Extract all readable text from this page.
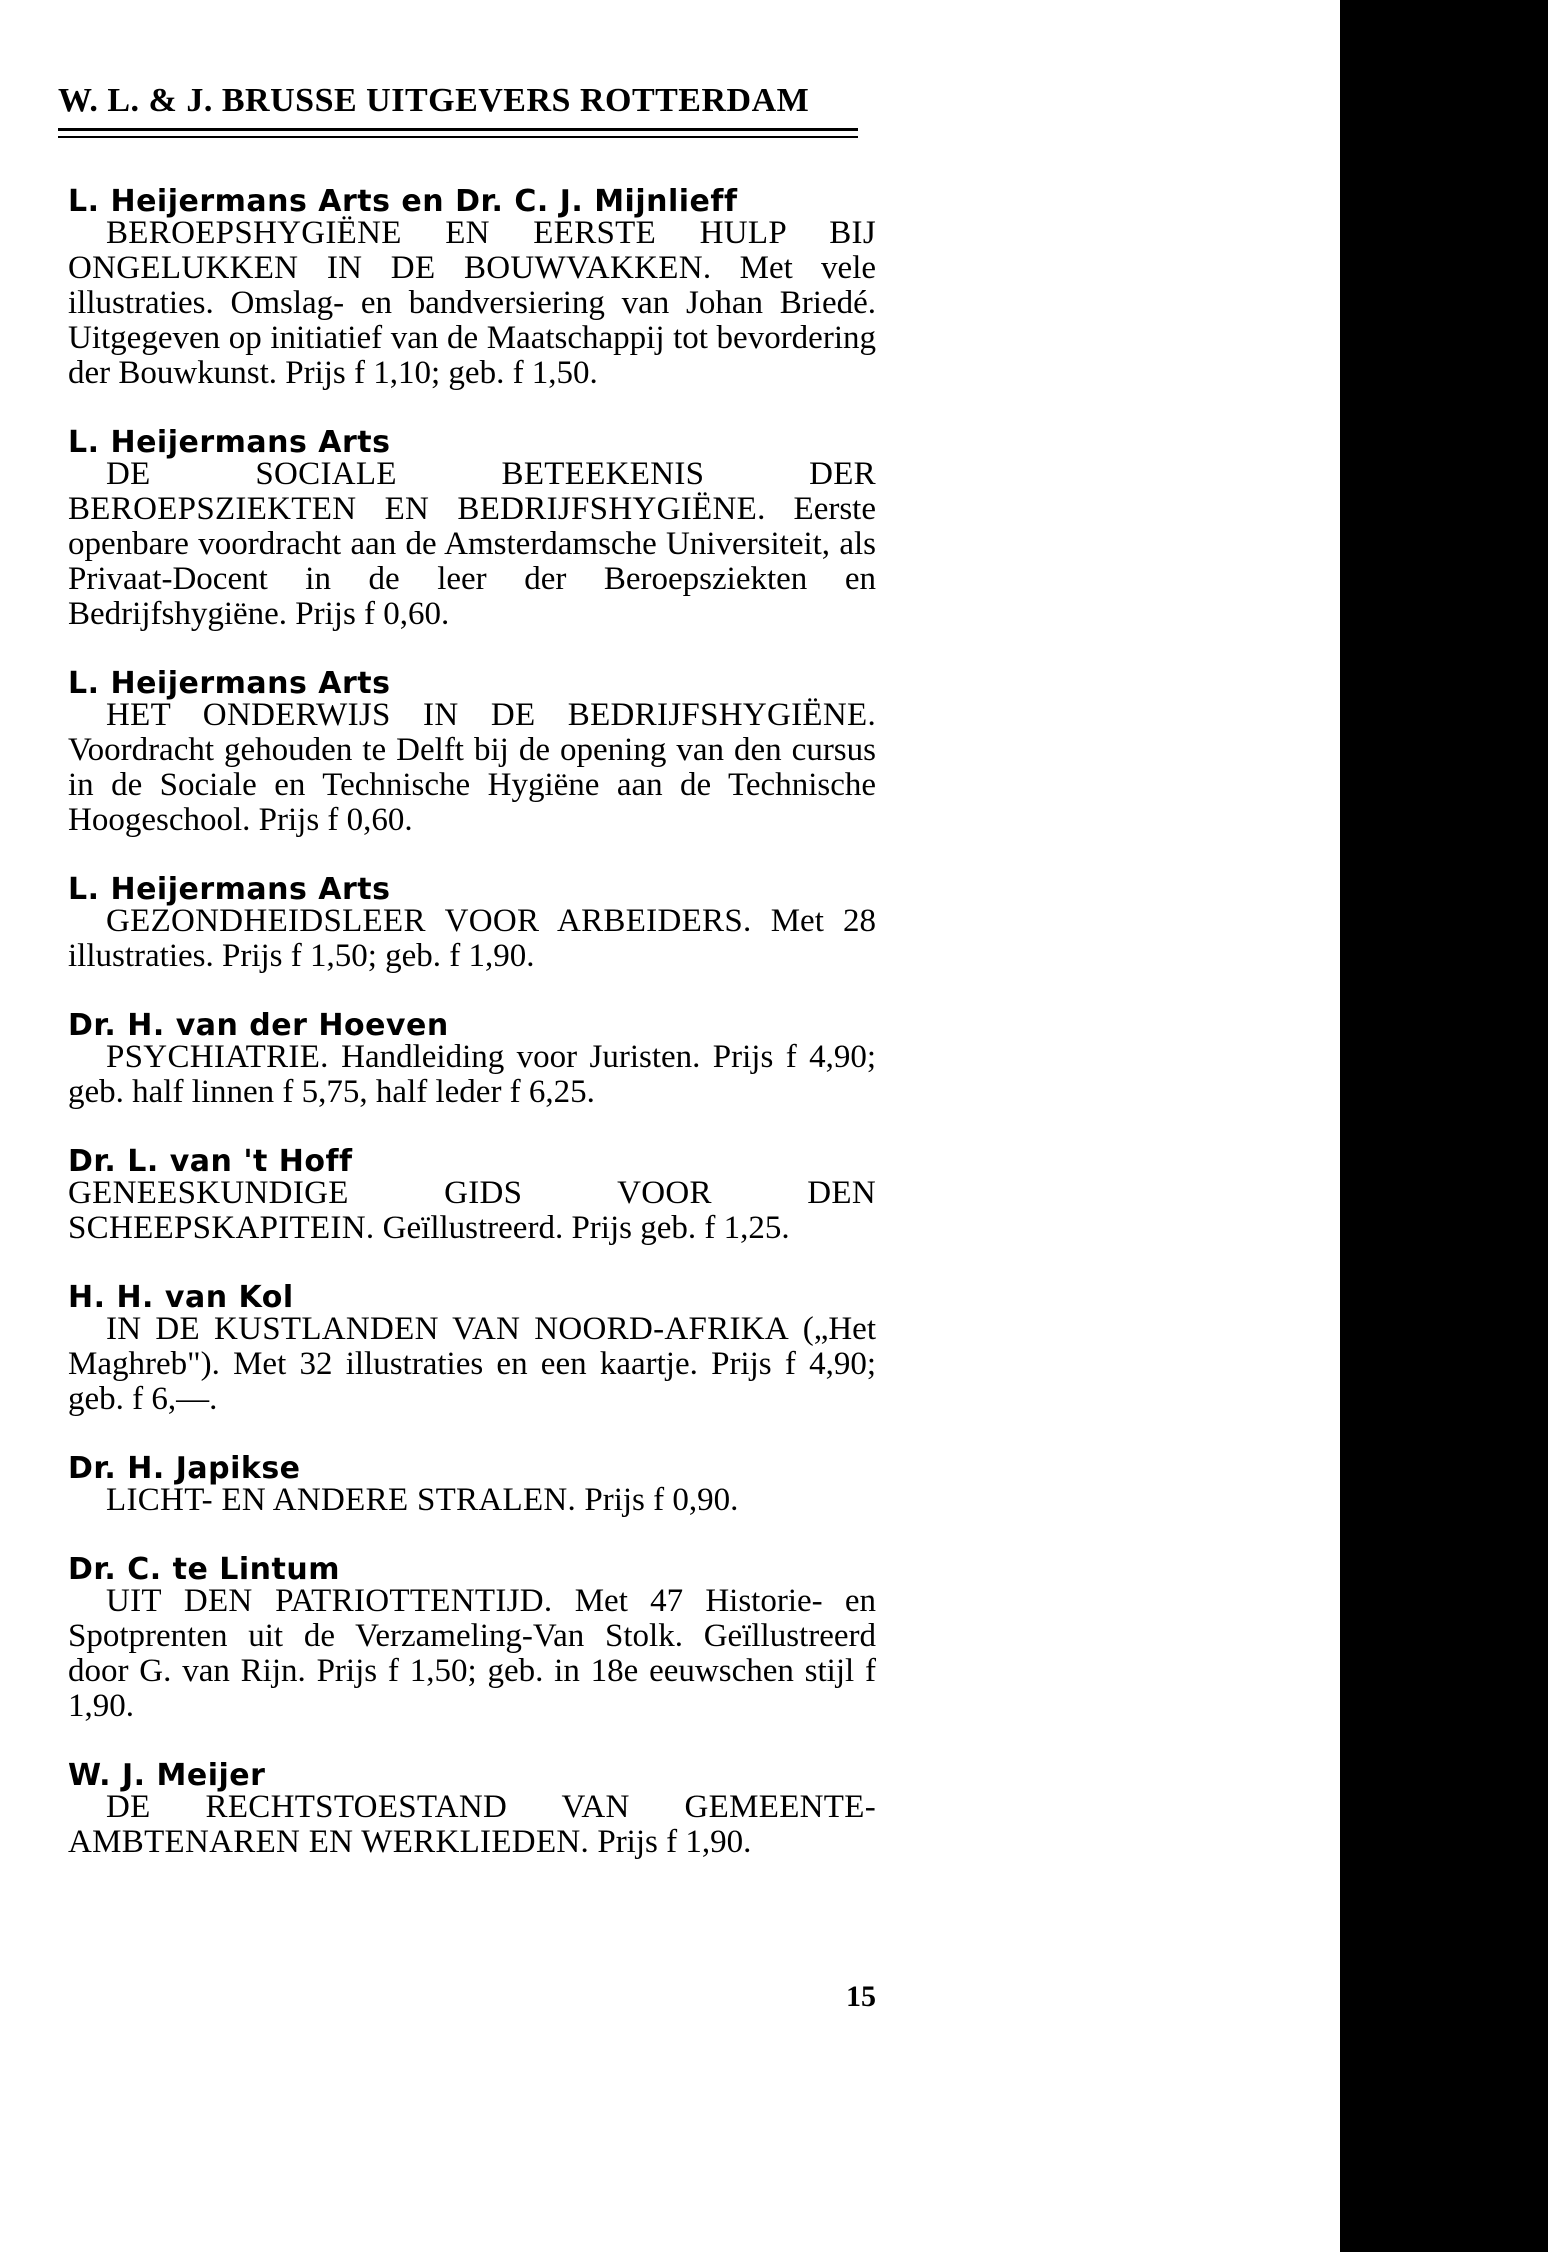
W. L. & J. BRUSSE UITGEVERS ROTTERDAM
L. Heijermans Arts en Dr. C. J. Mijnlieff
BEROEPSHYGIËNE EN EERSTE HULP BIJ ONGELUKKEN IN DE BOUWVAKKEN. Met vele illustraties. Omslag- en bandversiering van Johan Briedé. Uitgegeven op initiatief van de Maatschappij tot bevordering der Bouwkunst. Prijs f 1,10; geb. f 1,50.
L. Heijermans Arts
DE SOCIALE BETEEKENIS DER BEROEPSZIEKTEN EN BEDRIJFSHYGIËNE. Eerste openbare voordracht aan de Amsterdamsche Universiteit, als Privaat-Docent in de leer der Beroepsziekten en Bedrijfshygiëne. Prijs f 0,60.
L. Heijermans Arts
HET ONDERWIJS IN DE BEDRIJFSHYGIËNE. Voordracht gehouden te Delft bij de opening van den cursus in de Sociale en Technische Hygiëne aan de Technische Hoogeschool. Prijs f 0,60.
L. Heijermans Arts
GEZONDHEIDSLEER VOOR ARBEIDERS. Met 28 illustraties. Prijs f 1,50; geb. f 1,90.
Dr. H. van der Hoeven
PSYCHIATRIE. Handleiding voor Juristen. Prijs f 4,90; geb. half linnen f 5,75, half leder f 6,25.
Dr. L. van 't Hoff
GENEESKUNDIGE GIDS VOOR DEN SCHEEPSKAPITEIN. Geïllustreerd. Prijs geb. f 1,25.
H. H. van Kol
IN DE KUSTLANDEN VAN NOORD-AFRIKA („Het Maghreb"). Met 32 illustraties en een kaartje. Prijs f 4,90; geb. f 6,—.
Dr. H. Japikse
LICHT- EN ANDERE STRALEN. Prijs f 0,90.
Dr. C. te Lintum
UIT DEN PATRIOTTENTIJD. Met 47 Historie- en Spotprenten uit de Verzameling-Van Stolk. Geïllustreerd door G. van Rijn. Prijs f 1,50; geb. in 18e eeuwschen stijl f 1,90.
W. J. Meijer
DE RECHTSTOESTAND VAN GEMEENTE-AMBTENAREN EN WERKLIEDEN. Prijs f 1,90.
15
